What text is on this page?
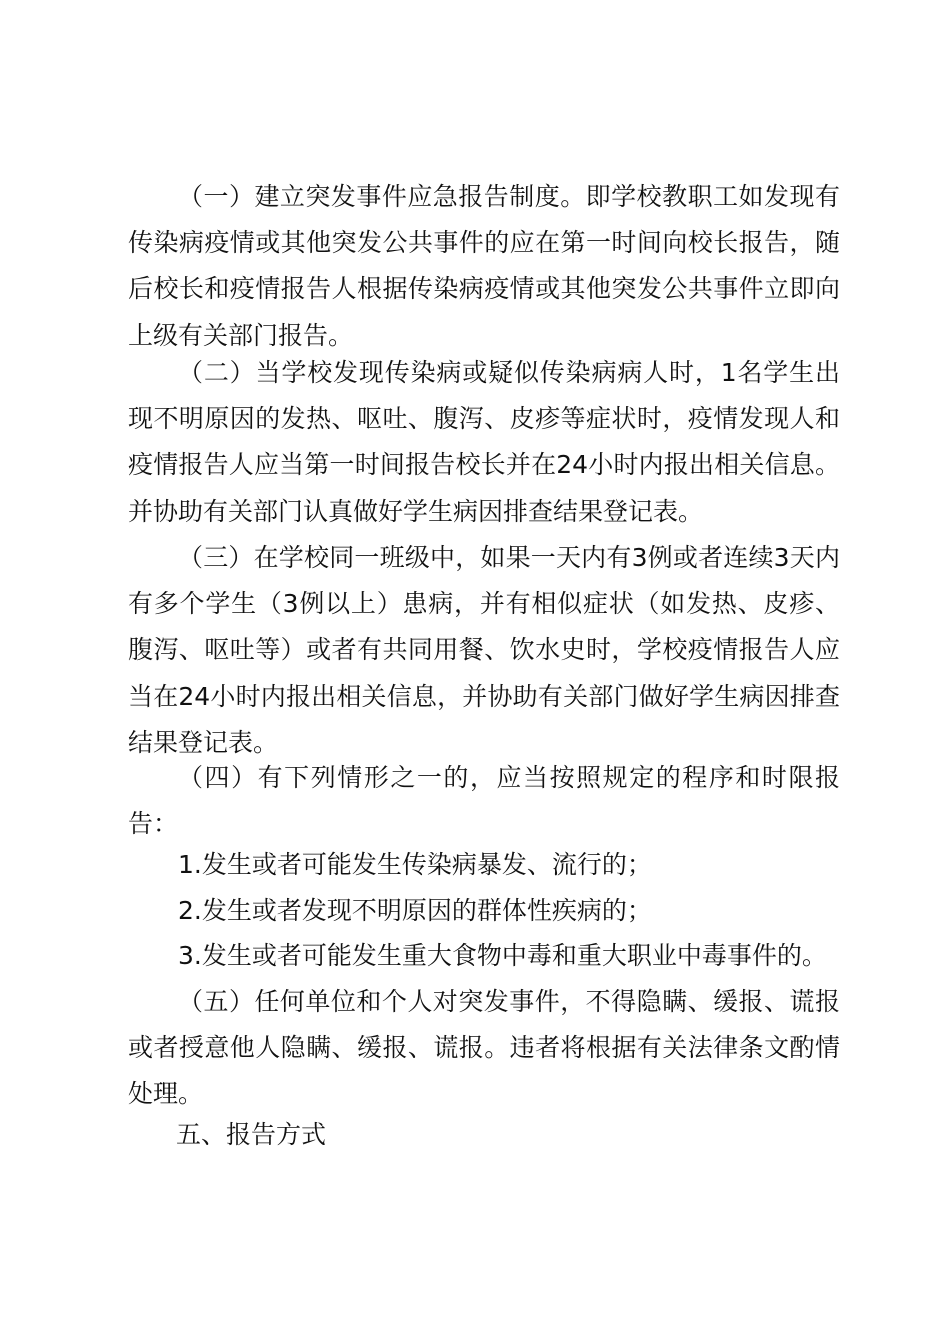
（一）建立突发事件应急报告制度。即学校教职工如发现有传染病疫情或其他突发公共事件的应在第一时间向校长报告，随后校长和疫情报告人根据传染病疫情或其他突发公共事件立即向上级有关部门报告。

（二）当学校发现传染病或疑似传染病病人时，1名学生出现不明原因的发热、呕吐、腹泻、皮疹等症状时，疫情发现人和疫情报告人应当第一时间报告校长并在24小时内报出相关信息。并协助有关部门认真做好学生病因排查结果登记表。

（三）在学校同一班级中，如果一天内有3例或者连续3天内有多个学生（3例以上）患病，并有相似症状（如发热、皮疹、腹泻、呕吐等）或者有共同用餐、饮水史时，学校疫情报告人应当在24小时内报出相关信息，并协助有关部门做好学生病因排查结果登记表。

（四）有下列情形之一的，应当按照规定的程序和时限报告：

1.发生或者可能发生传染病暴发、流行的；

2.发生或者发现不明原因的群体性疾病的；

3.发生或者可能发生重大食物中毒和重大职业中毒事件的。

（五）任何单位和个人对突发事件，不得隐瞒、缓报、谎报或者授意他人隐瞒、缓报、谎报。违者将根据有关法律条文酌情处理。

五、报告方式
